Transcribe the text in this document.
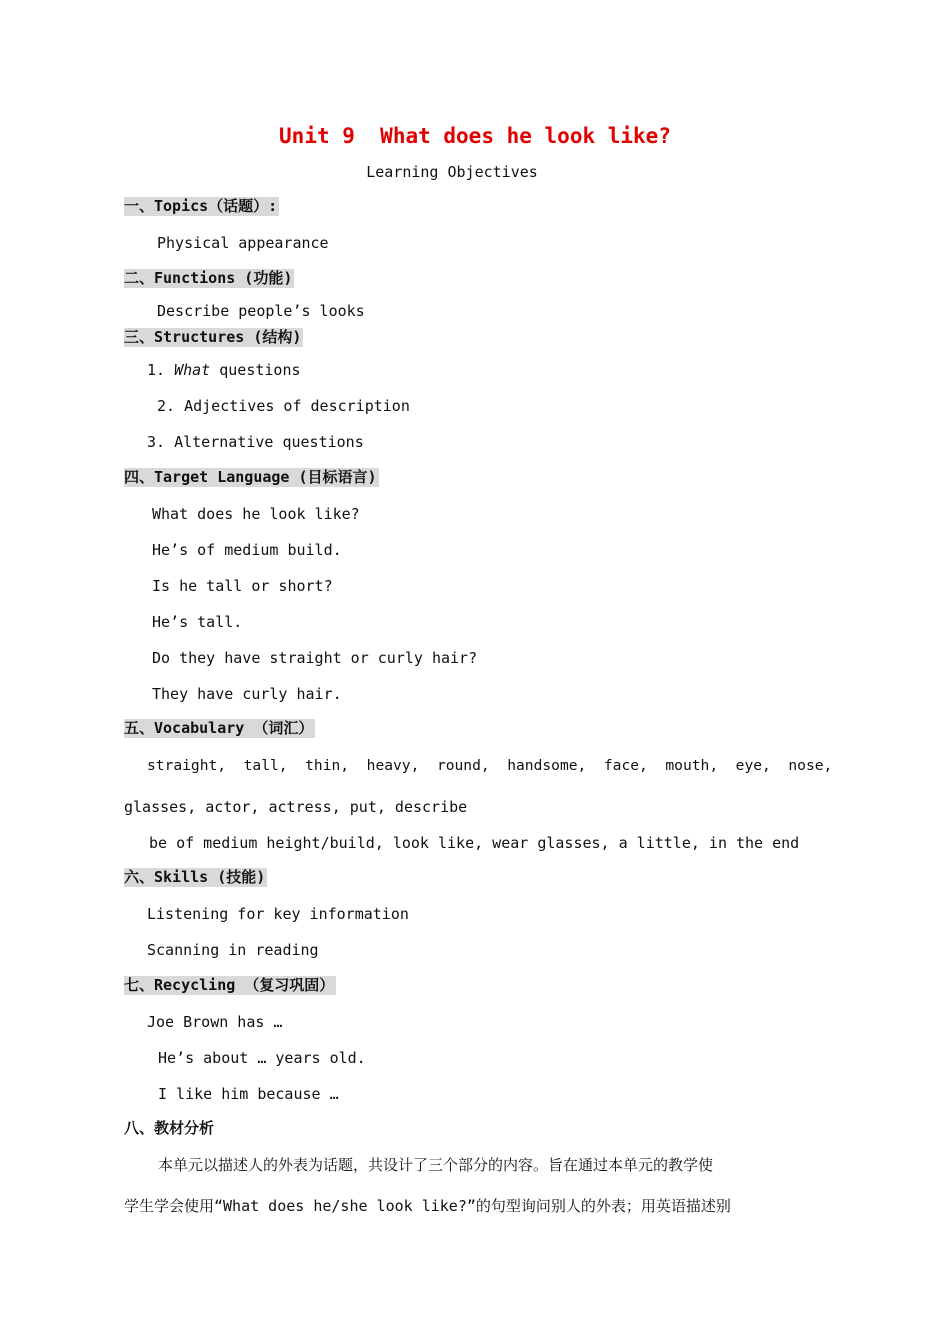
Unit 9  What does he look like?
Learning Objectives
一、Topics（话题）:
Physical appearance
二、Functions (功能)
Describe people’s looks
三、Structures (结构)
1. What questions
2. Adjectives of description
3. Alternative questions
四、Target Language (目标语言)
What does he look like?
He’s of medium build.
Is he tall or short?
He’s tall.
Do they have straight or curly hair?
They have curly hair.
五、Vocabulary （词汇）
straight,  tall,  thin,  heavy,  round,  handsome,  face,  mouth,  eye,  nose,
glasses, actor, actress, put, describe
be of medium height/build, look like, wear glasses, a little, in the end
六、Skills (技能)
Listening for key information
Scanning in reading
七、Recycling （复习巩固）
Joe Brown has …
He’s about … years old.
I like him because …
八、教材分析
本单元以描述人的外表为话题，共设计了三个部分的内容。旨在通过本单元的教学使
学生学会使用“What does he/she look like?”的句型询问别人的外表；用英语描述别
